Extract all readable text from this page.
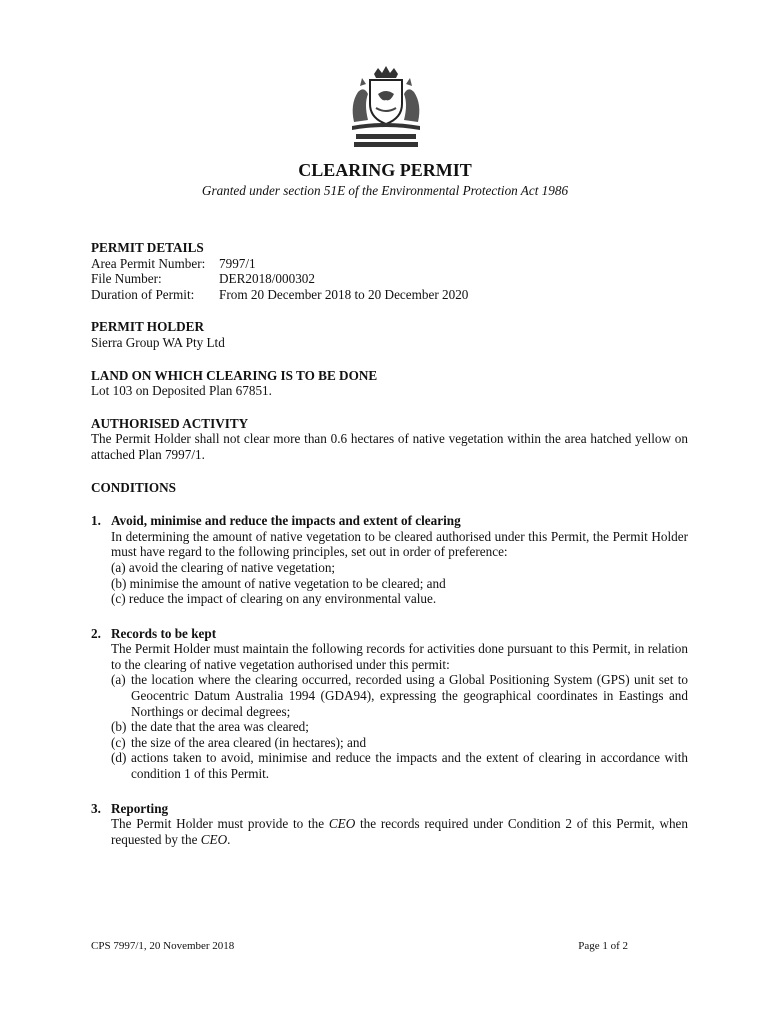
CLEARING PERMIT
Granted under section 51E of the Environmental Protection Act 1986
PERMIT DETAILS
Area Permit Number:	7997/1
File Number:	DER2018/000302
Duration of Permit:	From 20 December 2018 to 20 December 2020
PERMIT HOLDER
Sierra Group WA Pty Ltd
LAND ON WHICH CLEARING IS TO BE DONE
Lot 103 on Deposited Plan 67851.
AUTHORISED ACTIVITY
The Permit Holder shall not clear more than 0.6 hectares of native vegetation within the area hatched yellow on attached Plan 7997/1.
CONDITIONS
1. Avoid, minimise and reduce the impacts and extent of clearing
In determining the amount of native vegetation to be cleared authorised under this Permit, the Permit Holder must have regard to the following principles, set out in order of preference:
(a) avoid the clearing of native vegetation;
(b) minimise the amount of native vegetation to be cleared; and
(c) reduce the impact of clearing on any environmental value.
2. Records to be kept
The Permit Holder must maintain the following records for activities done pursuant to this Permit, in relation to the clearing of native vegetation authorised under this permit:
(a) the location where the clearing occurred, recorded using a Global Positioning System (GPS) unit set to Geocentric Datum Australia 1994 (GDA94), expressing the geographical coordinates in Eastings and Northings or decimal degrees;
(b) the date that the area was cleared;
(c) the size of the area cleared (in hectares); and
(d) actions taken to avoid, minimise and reduce the impacts and the extent of clearing in accordance with condition 1 of this Permit.
3. Reporting
The Permit Holder must provide to the CEO the records required under Condition 2 of this Permit, when requested by the CEO.
CPS 7997/1, 20 November 2018	Page 1 of 2
